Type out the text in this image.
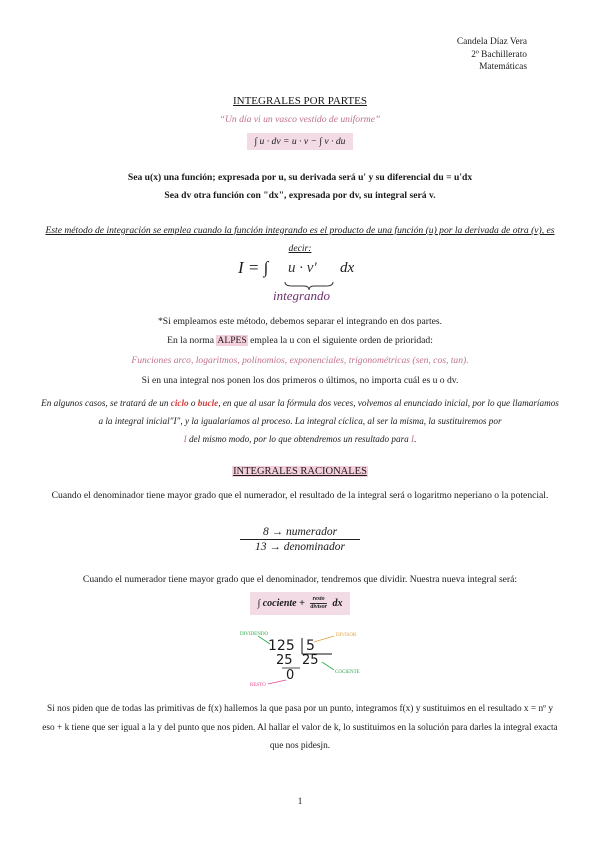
Candela Díaz Vera
2º Bachillerato
Matemáticas
INTEGRALES POR PARTES
“Un día vi un vasco vestido de uniforme”
∫ u · dv = u · v − ∫ v · du
Sea u(x) una función; expresada por u, su derivada será u' y su diferencial du = u'dx
Sea dv otra función con "dx", expresada por dv, su integral será v.
Este método de integración se emplea cuando la función integrando es el producto de una función (u) por la derivada de otra (v), es decir:
I = ∫ u · v' dx
integrando
*Si empleamos este método, debemos separar el integrando en dos partes.
En la norma ALPES emplea la u con el siguiente orden de prioridad:
Funciones arco, logaritmos, polinomios, exponenciales, trigonométricas (sen, cos, tan).
Si en una integral nos ponen los dos primeros o últimos, no importa cuál es u o dv.
En algunos casos, se tratará de un ciclo o bucle, en que al usar la fórmula dos veces, volvemos al enunciado inicial, por lo que llamaríamos a la integral inicial"I", y la igualaríamos al proceso. La integral cíclica, al ser la misma, la sustituiremos por
I del mismo modo, por lo que obtendremos un resultado para I.
INTEGRALES RACIONALES
Cuando el denominador tiene mayor grado que el numerador, el resultado de la integral será o logaritmo neperiano o la potencial.
8 → numerador
13 → denominador
Cuando el numerador tiene mayor grado que el denominador, tendremos que dividir. Nuestra nueva integral será:
∫ cociente +	resto
divisor dx
DIVIDENDO	DIVISOR
COCIENTE
RESTO
125 5
25 25
0
Si nos piden que de todas las primitivas de f(x) hallemos la que pasa por un punto, integramos f(x) y sustituimos en el resultado x = nº y eso + k tiene que ser igual a la y del punto que nos piden. Al hallar el valor de k, lo sustituimos en la solución para darles la integral exacta que nos pidesjn.
1
